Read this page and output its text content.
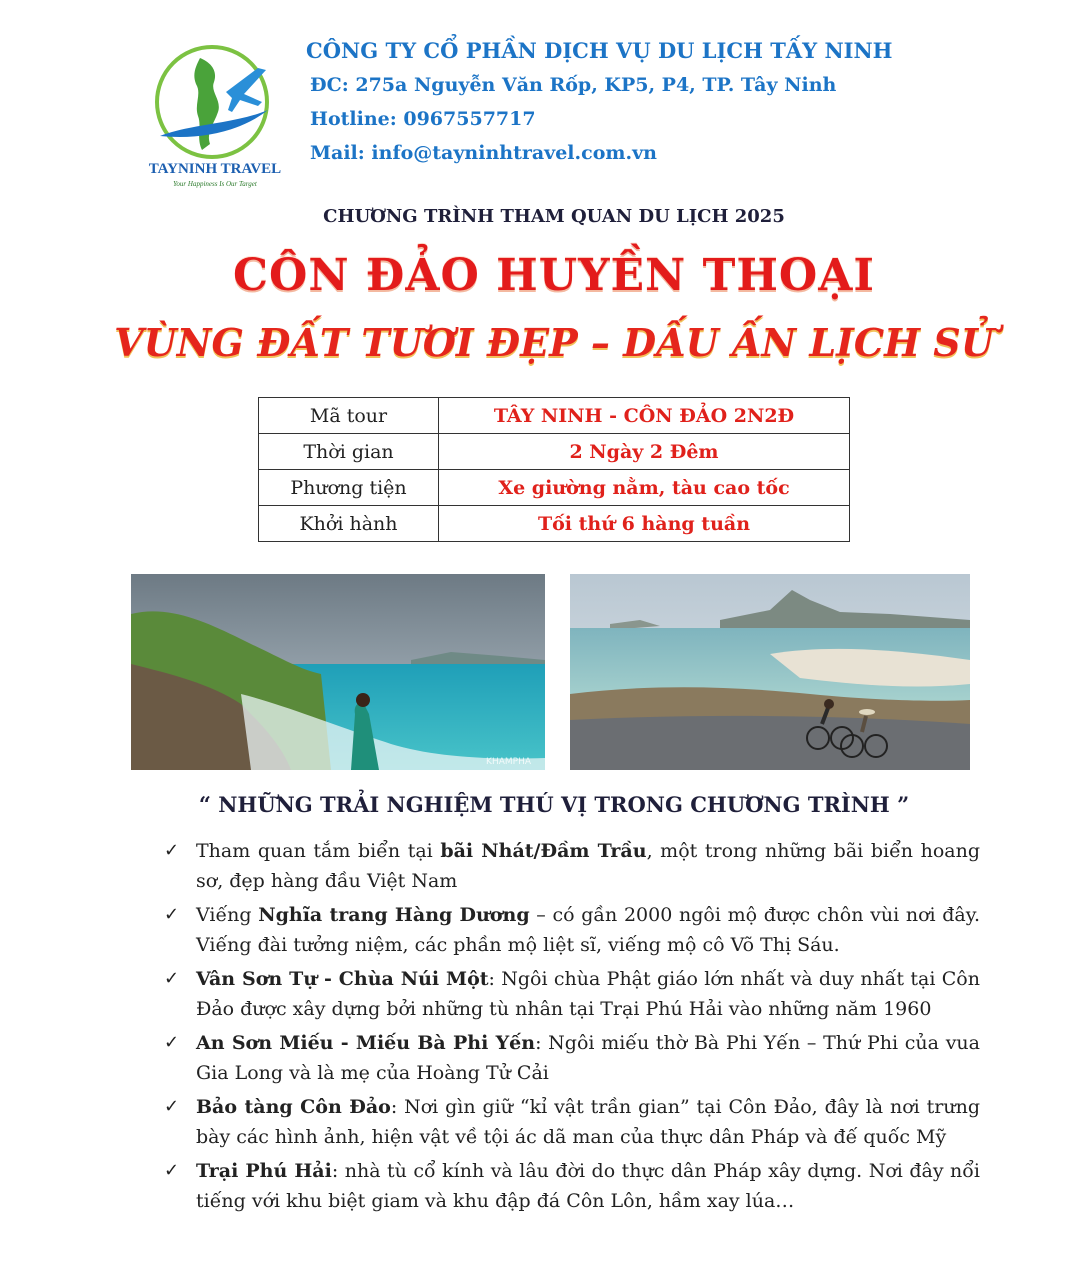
TAYNINH TRAVEL
Your Happiness Is Our Target
CÔNG TY CỔ PHẦN DỊCH VỤ DU LỊCH TẤY NINH
ĐC: 275a Nguyễn Văn Rốp, KP5, P4, TP. Tây Ninh
Hotline: 0967557717
Mail: info@tayninhtravel.com.vn
CHƯƠNG TRÌNH THAM QUAN DU LỊCH 2025
CÔN ĐẢO HUYỀN THOẠI
VÙNG ĐẤT TƯƠI ĐẸP – DẤU ẤN LỊCH SỬ
Mã tour	TÂY NINH - CÔN ĐẢO 2N2Đ
Thời gian	2 Ngày 2 Đêm
Phương tiện	Xe giường nằm, tàu cao tốc
Khởi hành	Tối thứ 6 hàng tuần
KHAMPHA
“ NHỮNG TRẢI NGHIỆM THÚ VỊ TRONG CHƯƠNG TRÌNH ”
✓ Tham quan tắm biển tại bãi Nhát/Đầm Trầu, một trong những bãi biển hoang sơ, đẹp hàng đầu Việt Nam
✓ Viếng Nghĩa trang Hàng Dương – có gần 2000 ngôi mộ được chôn vùi nơi đây. Viếng đài tưởng niệm, các phần mộ liệt sĩ, viếng mộ cô Võ Thị Sáu.
✓ Vân Sơn Tự - Chùa Núi Một: Ngôi chùa Phật giáo lớn nhất và duy nhất tại Côn Đảo được xây dựng bởi những tù nhân tại Trại Phú Hải vào những năm 1960
✓ An Sơn Miếu - Miếu Bà Phi Yến: Ngôi miếu thờ Bà Phi Yến – Thứ Phi của vua Gia Long và là mẹ của Hoàng Tử Cải
✓ Bảo tàng Côn Đảo: Nơi gìn giữ “kỉ vật trần gian” tại Côn Đảo, đây là nơi trưng bày các hình ảnh, hiện vật về tội ác dã man của thực dân Pháp và đế quốc Mỹ
✓ Trại Phú Hải: nhà tù cổ kính và lâu đời do thực dân Pháp xây dựng. Nơi đây nổi tiếng với khu biệt giam và khu đập đá Côn Lôn, hầm xay lúa…
